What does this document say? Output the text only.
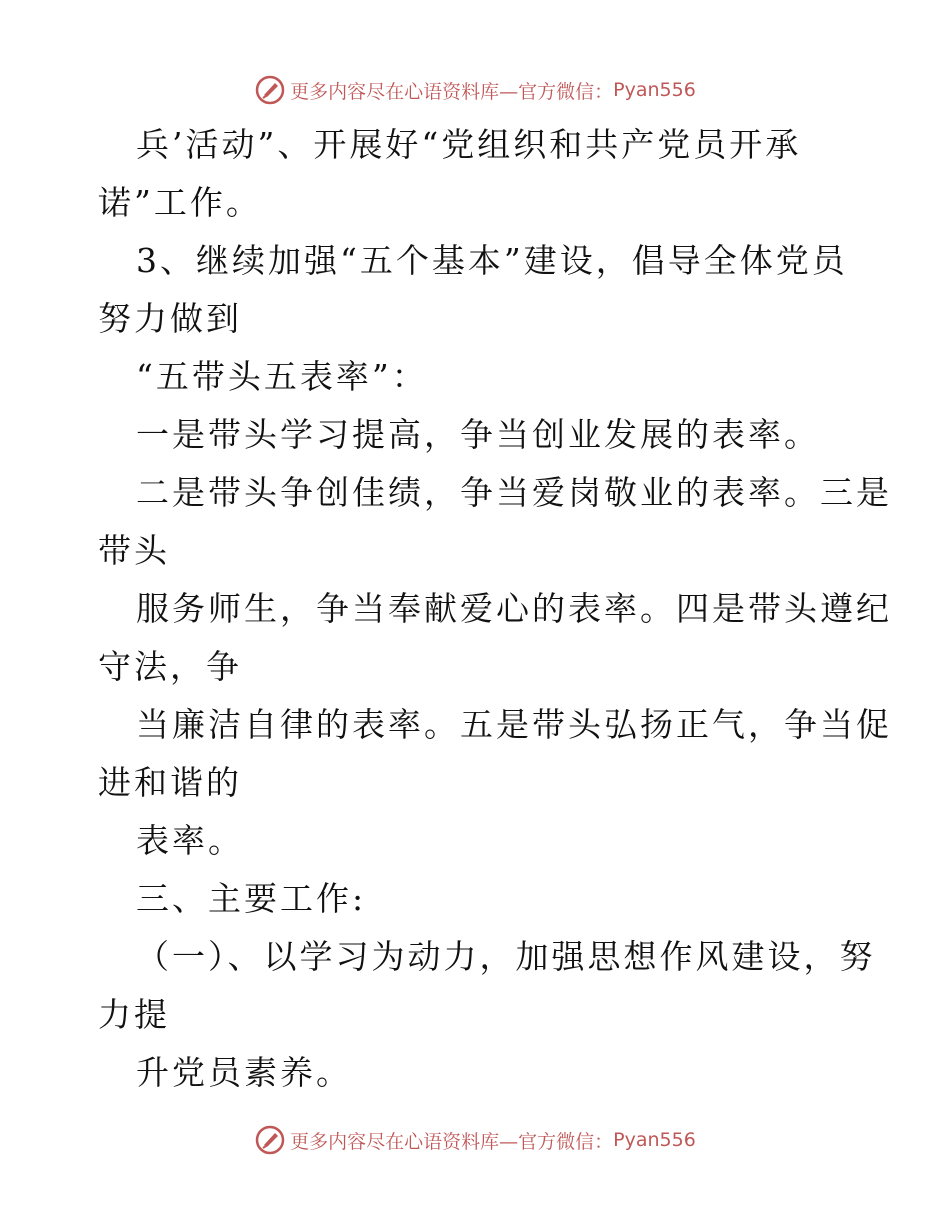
更多内容尽在心语资料库—官方微信： Pyan556
兵’活动”、开展好“党组织和共产党员开承
诺”工作。
3、继续加强“五个基本”建设，倡导全体党员
努力做到
“五带头五表率”：
一是带头学习提高，争当创业发展的表率。
二是带头争创佳绩，争当爱岗敬业的表率。三是
带头
服务师生，争当奉献爱心的表率。四是带头遵纪
守法，争
当廉洁自律的表率。五是带头弘扬正气，争当促
进和谐的
表率。
三、主要工作:
（一）、以学习为动力，加强思想作风建设，努
力提
升党员素养。
更多内容尽在心语资料库—官方微信： Pyan556
